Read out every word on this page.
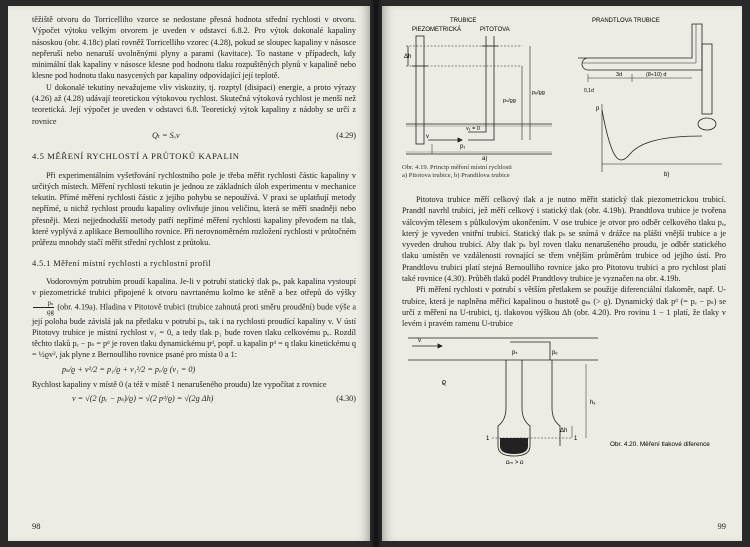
těžiště otvoru do Torricelliho vzorce se nedostane přesná hodnota střední rychlosti v otvoru. Výpočet výtoku velkým otvorem je uveden v odstavci 6.8.2. Pro výtok dokonalé kapaliny násoskou (obr. 4.18c) platí rovněž Torricelliho vzorec (4.28), pokud se sloupec kapaliny v násosce nepřeruší nebo nenaruší uvolněnými plyny a parami (kavitace). To nastane v případech, kdy minimální tlak kapaliny v násosce klesne pod hodnotu tlaku rozpuštěných plynů v kapalině nebo klesne pod hodnotu tlaku nasycených par kapaliny odpovídající její teplotě.

U dokonalé tekutiny nevažujeme vliv viskozity, tj. rozptyl (disipaci) energie, a proto výrazy (4.26) až (4.28) udávají teoretickou výtokovou rychlost. Skutečná výtoková rychlost je menší než teoretická. Její výpočet je uveden v odstavci 6.8. Teoretický výtok kapaliny z nádoby se určí z rovnice

Qₜ = Sₒv	(4.29)
4.5 MĚŘENÍ RYCHLOSTÍ A PRŮTOKŮ KAPALIN

Při experimentálním vyšetřování rychlostního pole je třeba měřit rychlosti částic kapaliny v určitých místech. Měření rychlosti tekutin je jednou ze základních úloh experimentu v mechanice tekutin. Přímé měření rychlosti částic z jejího pohybu se nepoužívá. V praxi se uplatňují metody nepřímé, u nichž rychlost proudu kapaliny ovlivňuje jinou veličinu, která se měří snadněji nebo přesněji. Mezi nejjednodušší metody patří nepřímé měření rychlosti kapaliny převodem na tlak, které vyplývá z aplikace Bernoulliho rovnice. Při nerovnoměrném rozložení rychlosti v průtočném průřezu mnohdy stačí měřit střední rychlost z průtoku.

4.5.1 Měření místní rychlosti a rychlostní profil

Vodorovným potrubím proudí kapalina. Je-li v potrubí statický tlak pₛ, pak kapalina vystoupí v piezometrické trubici připojené k otvoru navrtanému kolmo ke stěně a bez otřepů do výšky
$\frac{\text{pₛ}}{ϱg} (obr$. 4.19a). Hladina v Pitotově trubici (trubice zahnutá proti směru proudění) bude výše a její poloha bude závislá jak na přetlaku v potrubí pₛ, tak i na rychlosti proudící kapaliny v. V ústí Pitotovy trubice je místní rychlost v₁ = 0, a tedy tlak p₁ bude roven tlaku celkovému pₑ. Rozdíl těchto tlaků pₑ − pₛ = pᵈ je roven tlaku dynamickému pᵈ, popř. u kapalin pᵈ = q tlaku kinetickému q = ½ϱv², jak plyne z Bernoulliho rovnice psané pro místa 0 a 1:

pₛ/ϱ + v²/2 = p₁/ϱ + v₁²/2 = pₑ/ϱ (v₁ = 0)

Rychlost kapaliny v místě 0 (a též v místě 1 nenarušeného proudu) lze vypočítat z rovnice

v = √(2 (pₑ − pₛ)/ϱ) = √(2 pᵈ/ϱ) = √(2g Δh)	(4.30)
98
TRUBICE
PIEZOMETRICKÁ	PITOTOVA
PRANDTLOVA TRUBICE
Δh
pₛ/ϱg
pₑ/ϱg
v₁ = 0
v
p₁
a)
3d	(8÷10) d
0,1d
p
b)
Obr. 4.19. Princip měření místní rychlosti
a) Pitotova trubice, b) Prandtlova trubice

Pitotova trubice měří celkový tlak a je nutno měřit statický tlak piezometrickou trubicí. Prandtl navrhl trubici, jež měří celkový i statický tlak (obr. 4.19b). Prandtlova trubice je tvořena válcovým tělesem s půlkulovým ukončením. V ose trubice je otvor pro odběr celkového tlaku pₑ, který je vyveden vnitřní trubicí. Statický tlak pₛ se snímá v drážce na plášti vnější trubice a je vyveden druhou trubicí. Aby tlak pₛ byl roven tlaku nenarušeného proudu, je odběr statického tlaku umístěn ve vzdálenosti rovnající se třem vnějším průměrům trubice od jejího ústí. Pro Prandtlovu trubici platí stejná Bernoulliho rovnice jako pro Pitotovu trubici a pro rychlost platí také rovnice (4.30). Průběh tlaků podél Prandtlovy trubice je vyznačen na obr. 4.19b.

Při měření rychlosti v potrubí s větším přetlakem se použije diferenciální tlakoměr, např. U-trubice, která je naplněna měřicí kapalinou o hustotě ϱₘ (> ϱ). Dynamický tlak pᵈ (= pₑ − pₛ) se určí z měření na U-trubici, tj. tlakovou výškou Δh (obr. 4.20). Pro rovinu 1 − 1 platí, že tlaky v levém i pravém ramenu U-trubice

v
pₛ	pₑ
ϱ
hₓ
Δh
1	1
ϱₘ > ϱ
Obr. 4.20. Měření tlakové diference
99
